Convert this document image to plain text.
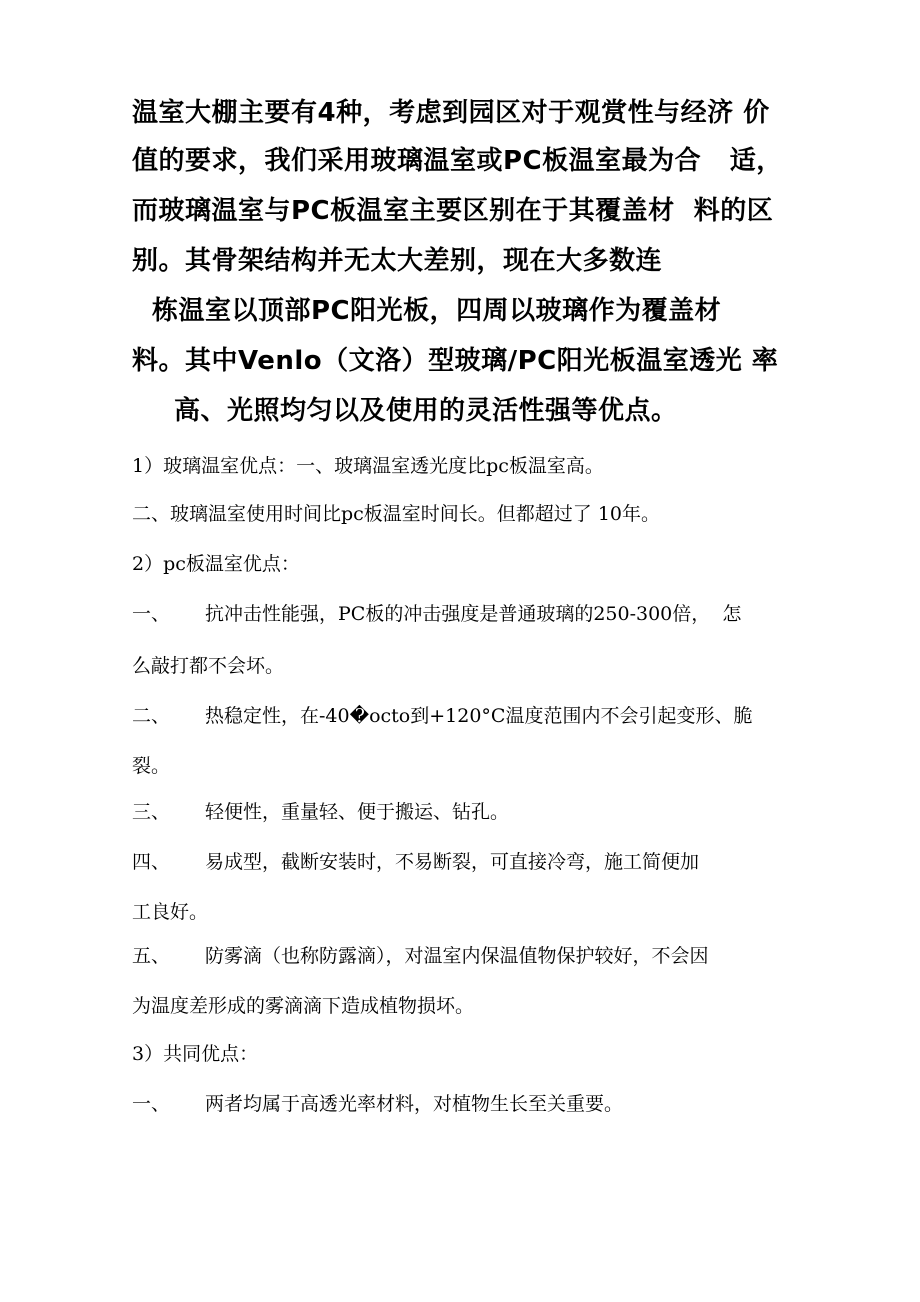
温室大棚主要有4种，考虑到园区对于观赏性与经济 价
值的要求，我们采用玻璃温室或PC板温室最为合   适，
而玻璃温室与PC板温室主要区别在于其覆盖材  料的区
别。其骨架结构并无太大差别，现在大多数连
栋温室以顶部PC阳光板，四周以玻璃作为覆盖材
料。其中Venlo（文洛）型玻璃/PC阳光板温室透光 率
高、光照均匀以及使用的灵活性强等优点。
1）玻璃温室优点：一、玻璃温室透光度比pc板温室高。
二、玻璃温室使用时间比pc板温室时间长。但都超过了 10年。
2）pc板温室优点：
一、 抗冲击性能强，PC板的冲击强度是普通玻璃的250-300倍，  怎
么敲打都不会坏。
二、 热稳定性，在-40�octo到+120°C温度范围内不会引起变形、脆
裂。
三、 轻便性，重量轻、便于搬运、钻孔。
四、 易成型，截断安装时，不易断裂，可直接冷弯，施工简便加
工良好。
五、 防雾滴（也称防露滴），对温室内保温值物保护较好，不会因
为温度差形成的雾滴滴下造成植物损坏。
3）共同优点：
一、 两者均属于高透光率材料，对植物生长至关重要。
